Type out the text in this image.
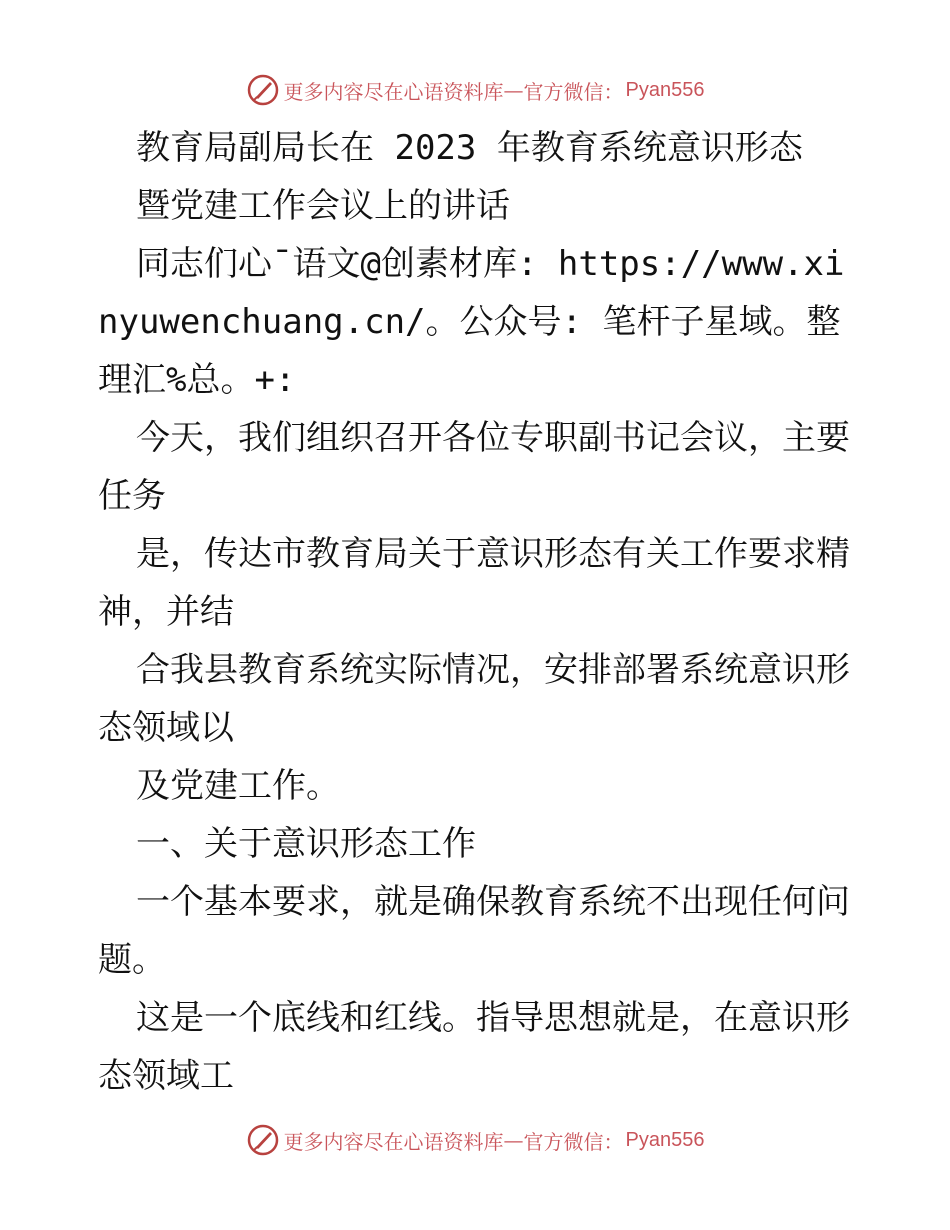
更多内容尽在心语资料库 — 官方微信： Pyan556

教育局副局长在 2023 年教育系统意识形态

暨党建工作会议上的讲话

同志们心¯语文@创素材库: https://www.xinyuwenchuang.cn/。公众号: 笔杆子星域。整理汇%总。+:

今天，我们组织召开各位专职副书记会议，主要任务

是，传达市教育局关于意识形态有关工作要求精神，并结

合我县教育系统实际情况，安排部署系统意识形态领域以

及党建工作。

一、关于意识形态工作

一个基本要求，就是确保教育系统不出现任何问题。

这是一个底线和红线。指导思想就是，在意识形态领域工

更多内容尽在心语资料库 — 官方微信： Pyan556
